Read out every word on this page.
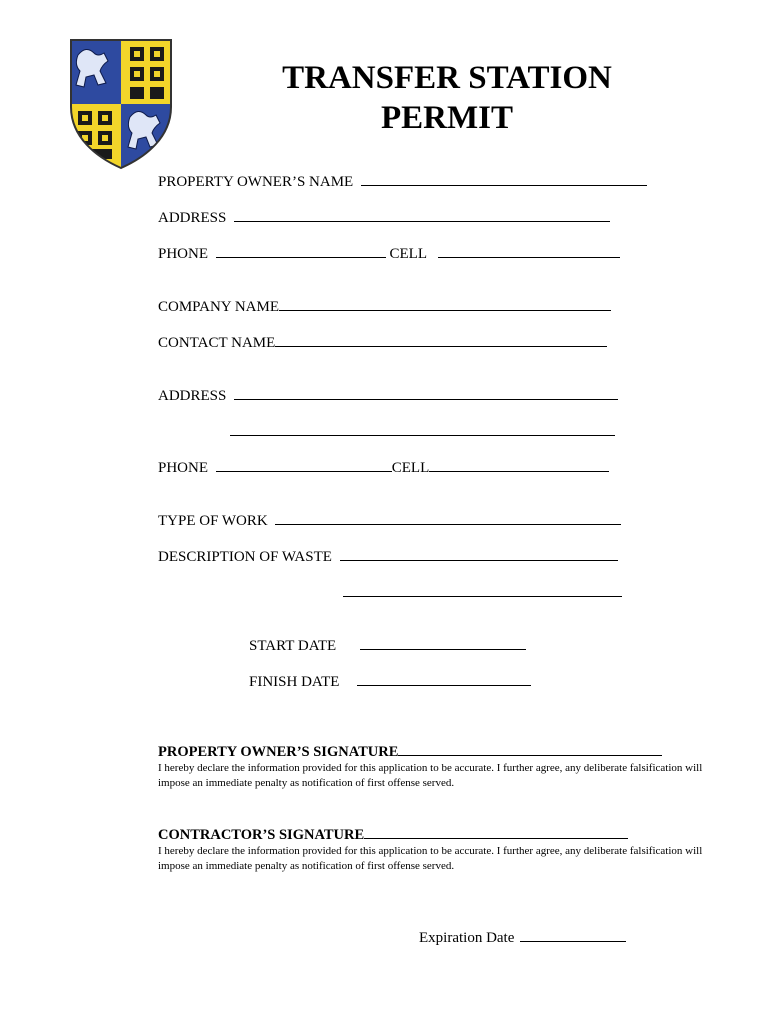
TRANSFER STATION
PERMIT
PROPERTY OWNER’S NAME
ADDRESS
PHONE	CELL
COMPANY NAME
CONTACT NAME
ADDRESS
PHONE	CELL
TYPE OF WORK
DESCRIPTION OF WASTE
START DATE
FINISH DATE
PROPERTY OWNER’S SIGNATURE
I hereby declare the information provided for this application to be accurate. I further agree, any deliberate falsification will impose an immediate penalty as notification of first offense served.
CONTRACTOR’S SIGNATURE
I hereby declare the information provided for this application to be accurate. I further agree, any deliberate falsification will impose an immediate penalty as notification of first offense served.
Expiration Date
